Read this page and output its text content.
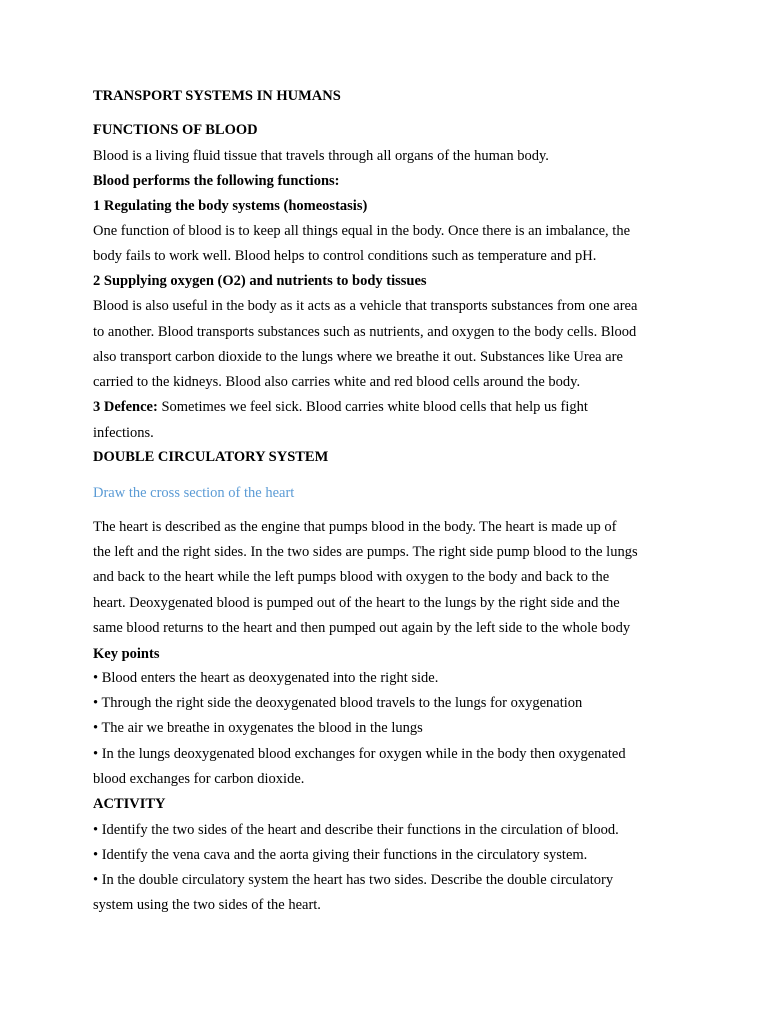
TRANSPORT SYSTEMS IN HUMANS
FUNCTIONS OF BLOOD
Blood is a living fluid tissue that travels through all organs of the human body.
Blood performs the following functions:
1 Regulating the body systems (homeostasis)
One function of blood is to keep all things equal in the body. Once there is an imbalance, the
body fails to work well. Blood helps to control conditions such as temperature and pH.
2 Supplying oxygen (O2) and nutrients to body tissues
Blood is also useful in the body as it acts as a vehicle that transports substances from one area
to another. Blood transports substances such as nutrients, and oxygen to the body cells. Blood
also transport carbon dioxide to the lungs where we breathe it out. Substances like Urea are
carried to the kidneys. Blood also carries white and red blood cells around the body.
3 Defence: Sometimes we feel sick. Blood carries white blood cells that help us fight
infections.
DOUBLE CIRCULATORY SYSTEM
Draw the cross section of the heart
The heart is described as the engine that pumps blood in the body. The heart is made up of
the left and the right sides. In the two sides are pumps. The right side pump blood to the lungs
and back to the heart while the left pumps blood with oxygen to the body and back to the
heart. Deoxygenated blood is pumped out of the heart to the lungs by the right side and the
same blood returns to the heart and then pumped out again by the left side to the whole body
Key points
• Blood enters the heart as deoxygenated into the right side.
• Through the right side the deoxygenated blood travels to the lungs for oxygenation
• The air we breathe in oxygenates the blood in the lungs
• In the lungs deoxygenated blood exchanges for oxygen while in the body then oxygenated
blood exchanges for carbon dioxide.
ACTIVITY
• Identify the two sides of the heart and describe their functions in the circulation of blood.
• Identify the vena cava and the aorta giving their functions in the circulatory system.
• In the double circulatory system the heart has two sides. Describe the double circulatory
system using the two sides of the heart.
